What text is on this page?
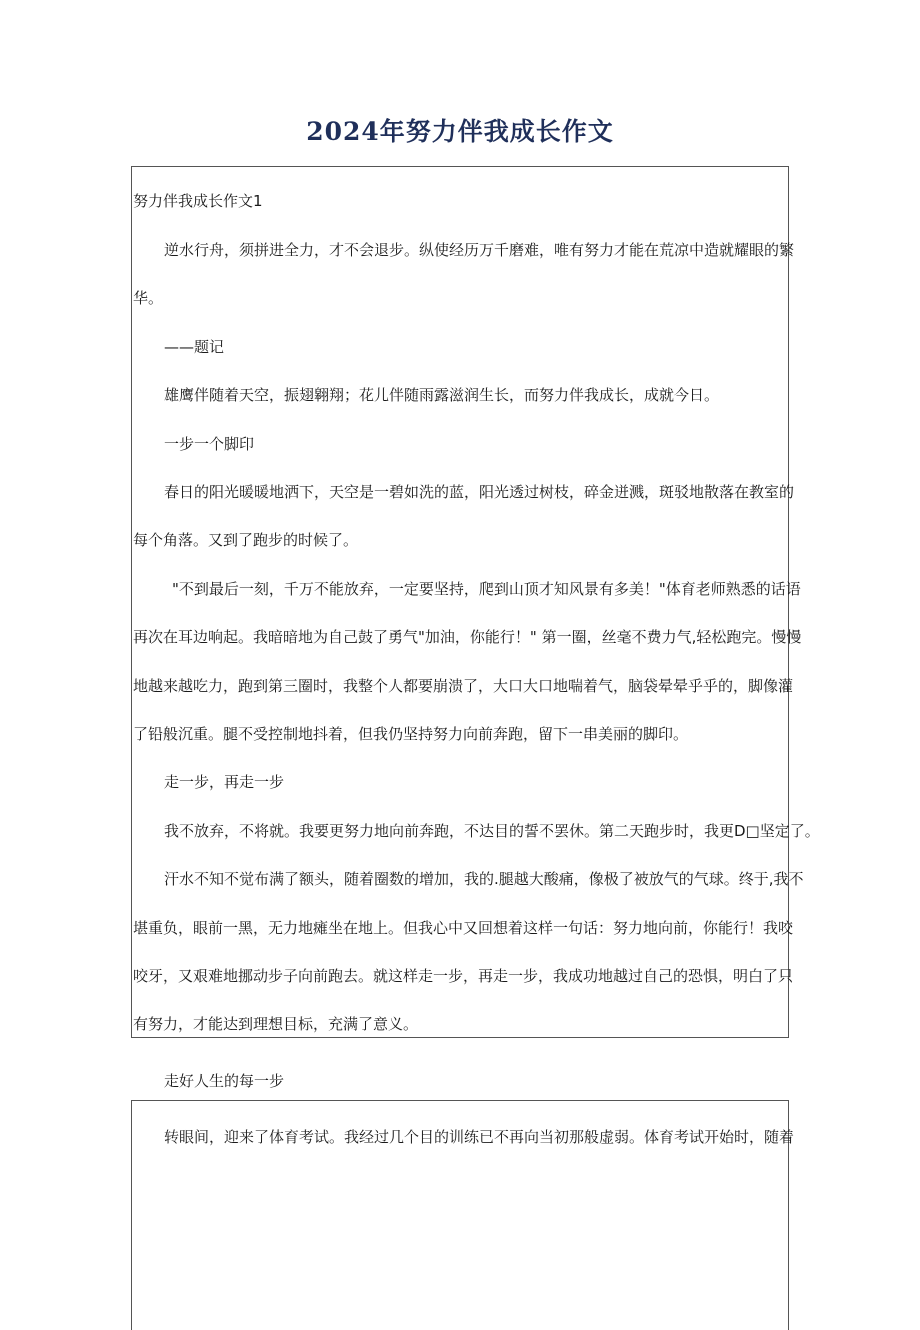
2024年努力伴我成长作文
努力伴我成长作文1
逆水行舟，须拼进全力，才不会退步。纵使经历万千磨难，唯有努力才能在荒凉中造就耀眼的繁
华。
——题记
雄鹰伴随着天空，振翅翱翔；花儿伴随雨露滋润生长，而努力伴我成长，成就今日。
一步一个脚印
春日的阳光暖暖地洒下，天空是一碧如洗的蓝，阳光透过树枝，碎金迸溅，斑驳地散落在教室的
每个角落。又到了跑步的时候了。
"不到最后一刻，千万不能放弃，一定要坚持，爬到山顶才知风景有多美！"体育老师熟悉的话语
再次在耳边响起。我暗暗地为自己鼓了勇气"加油，你能行！" 第一圈，丝毫不费力气,轻松跑完。慢慢
地越来越吃力，跑到第三圈时，我整个人都要崩溃了，大口大口地喘着气，脑袋晕晕乎乎的，脚像灌
了铅般沉重。腿不受控制地抖着，但我仍坚持努力向前奔跑，留下一串美丽的脚印。
走一步，再走一步
我不放弃，不将就。我要更努力地向前奔跑，不达目的誓不罢休。第二天跑步时，我更D□坚定了。
汗水不知不觉布满了额头，随着圈数的增加，我的.腿越大酸痛，像极了被放气的气球。终于,我不
堪重负，眼前一黑，无力地瘫坐在地上。但我心中又回想着这样一句话：努力地向前，你能行！我咬
咬牙，又艰难地挪动步子向前跑去。就这样走一步，再走一步，我成功地越过自己的恐惧，明白了只
有努力，才能达到理想目标，充满了意义。
走好人生的每一步
转眼间，迎来了体育考试。我经过几个目的训练已不再向当初那般虚弱。体育考试开始时，随着
